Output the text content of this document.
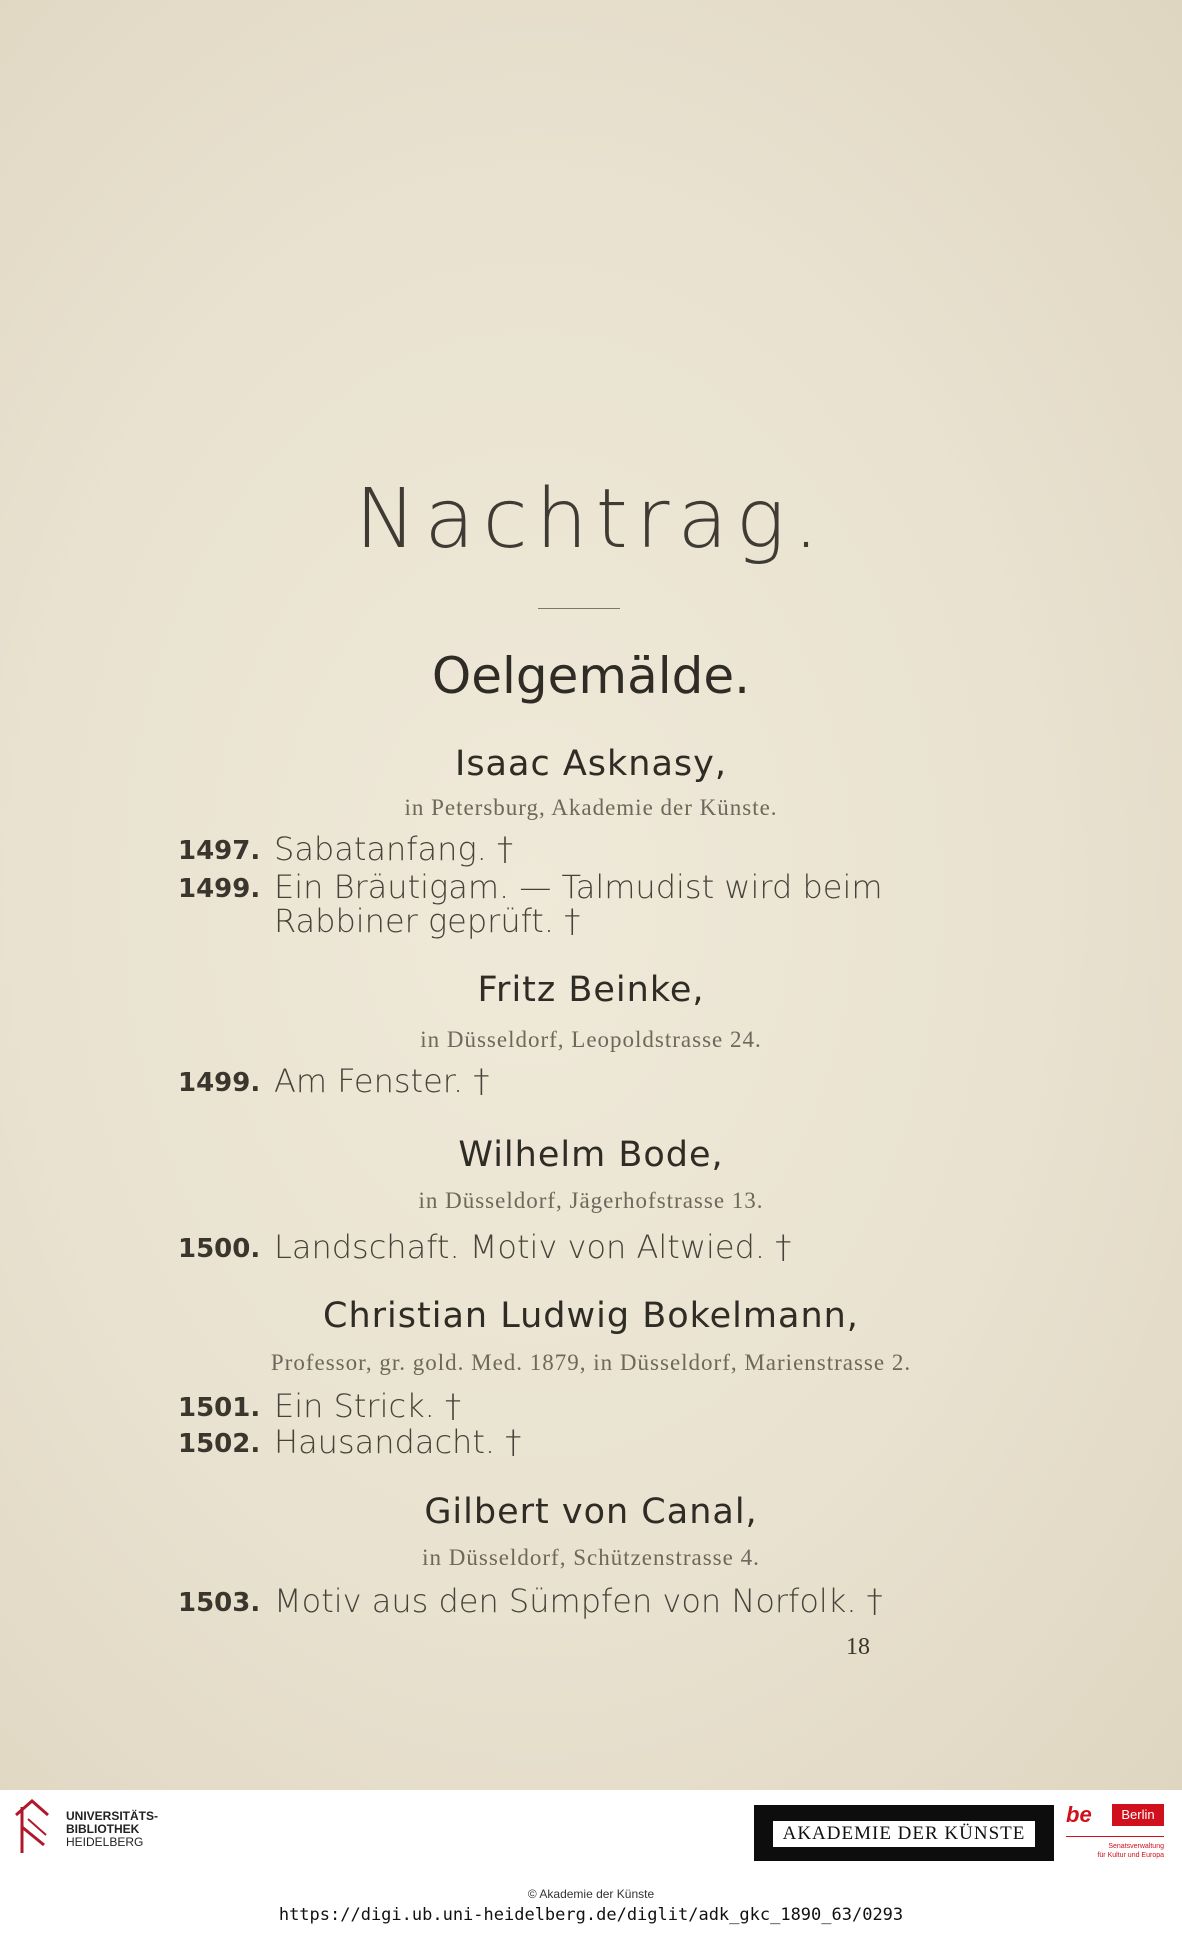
Nachtrag.
Oelgemälde.
Isaac Asknasy,
in Petersburg, Akademie der Künste.
1497. Sabatanfang. †
1499. Ein Bräutigam. — Talmudist wird beim
Rabbiner geprüft. †
Fritz Beinke,
in Düsseldorf, Leopoldstrasse 24.
1499. Am Fenster. †
Wilhelm Bode,
in Düsseldorf, Jägerhofstrasse 13.
1500. Landschaft. Motiv von Altwied. †
Christian Ludwig Bokelmann,
Professor, gr. gold. Med. 1879, in Düsseldorf, Marienstrasse 2.
1501. Ein Strick. †
1502. Hausandacht. †
Gilbert von Canal,
in Düsseldorf, Schützenstrasse 4.
1503. Motiv aus den Sümpfen von Norfolk. †
18
UNIVERSITÄTS-
BIBLIOTHEK
HEIDELBERG	AKADEMIE DER KÜNSTE
be	Berlin
Senatsverwaltung
für Kultur und Europa
© Akademie der Künste
https://digi.ub.uni-heidelberg.de/diglit/adk_gkc_1890_63/0293
